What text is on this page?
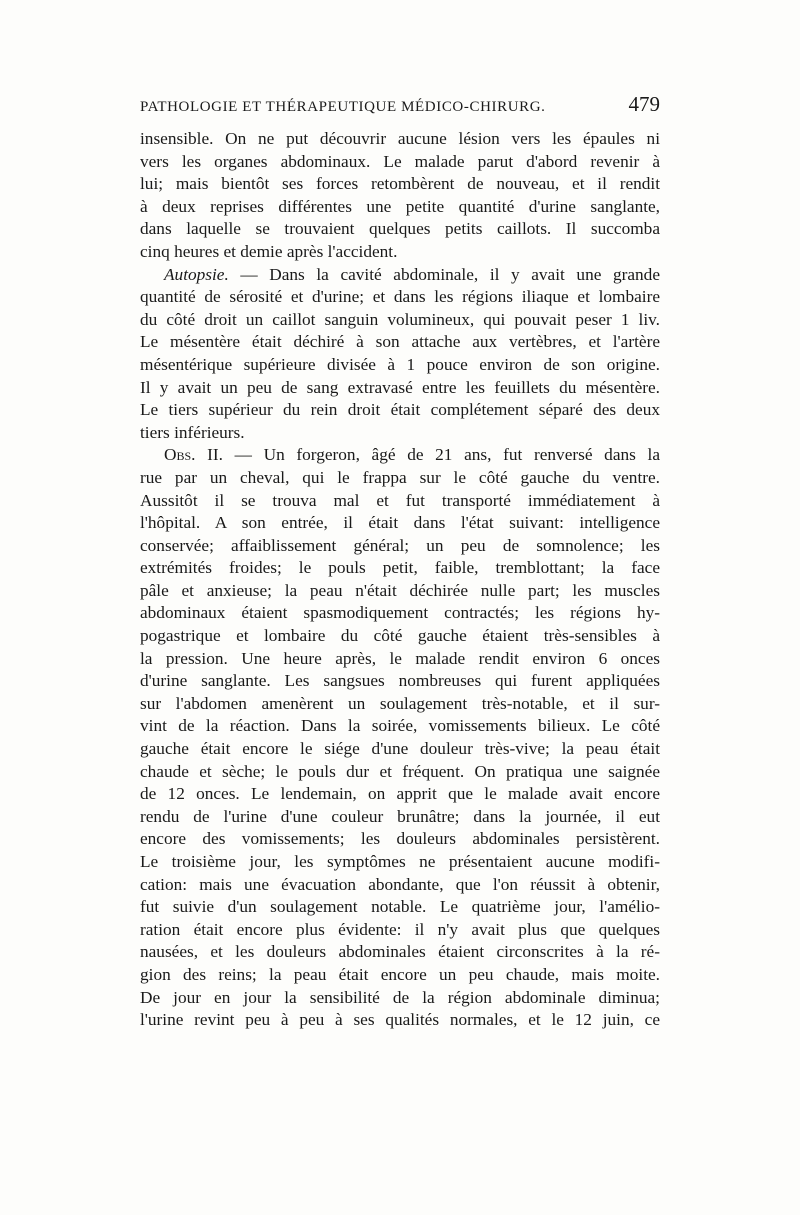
PATHOLOGIE ET THÉRAPEUTIQUE MÉDICO-CHIRURG.	479
insensible. On ne put découvrir aucune lésion vers les épaules ni
vers les organes abdominaux. Le malade parut d'abord revenir à
lui; mais bientôt ses forces retombèrent de nouveau, et il rendit
à deux reprises différentes une petite quantité d'urine sanglante,
dans laquelle se trouvaient quelques petits caillots. Il succomba
cinq heures et demie après l'accident.
Autopsie. — Dans la cavité abdominale, il y avait une grande
quantité de sérosité et d'urine; et dans les régions iliaque et lombaire
du côté droit un caillot sanguin volumineux, qui pouvait peser 1 liv.
Le mésentère était déchiré à son attache aux vertèbres, et l'artère
mésentérique supérieure divisée à 1 pouce environ de son origine.
Il y avait un peu de sang extravasé entre les feuillets du mésentère.
Le tiers supérieur du rein droit était complétement séparé des deux
tiers inférieurs.
Obs. II. — Un forgeron, âgé de 21 ans, fut renversé dans la
rue par un cheval, qui le frappa sur le côté gauche du ventre.
Aussitôt il se trouva mal et fut transporté immédiatement à
l'hôpital. A son entrée, il était dans l'état suivant: intelligence
conservée; affaiblissement général; un peu de somnolence; les
extrémités froides; le pouls petit, faible, tremblottant; la face
pâle et anxieuse; la peau n'était déchirée nulle part; les muscles
abdominaux étaient spasmodiquement contractés; les régions hy-
pogastrique et lombaire du côté gauche étaient très-sensibles à
la pression. Une heure après, le malade rendit environ 6 onces
d'urine sanglante. Les sangsues nombreuses qui furent appliquées
sur l'abdomen amenèrent un soulagement très-notable, et il sur-
vint de la réaction. Dans la soirée, vomissements bilieux. Le côté
gauche était encore le siége d'une douleur très-vive; la peau était
chaude et sèche; le pouls dur et fréquent. On pratiqua une saignée
de 12 onces. Le lendemain, on apprit que le malade avait encore
rendu de l'urine d'une couleur brunâtre; dans la journée, il eut
encore des vomissements; les douleurs abdominales persistèrent.
Le troisième jour, les symptômes ne présentaient aucune modifi-
cation: mais une évacuation abondante, que l'on réussit à obtenir,
fut suivie d'un soulagement notable. Le quatrième jour, l'amélio-
ration était encore plus évidente: il n'y avait plus que quelques
nausées, et les douleurs abdominales étaient circonscrites à la ré-
gion des reins; la peau était encore un peu chaude, mais moite.
De jour en jour la sensibilité de la région abdominale diminua;
l'urine revint peu à peu à ses qualités normales, et le 12 juin, ce
